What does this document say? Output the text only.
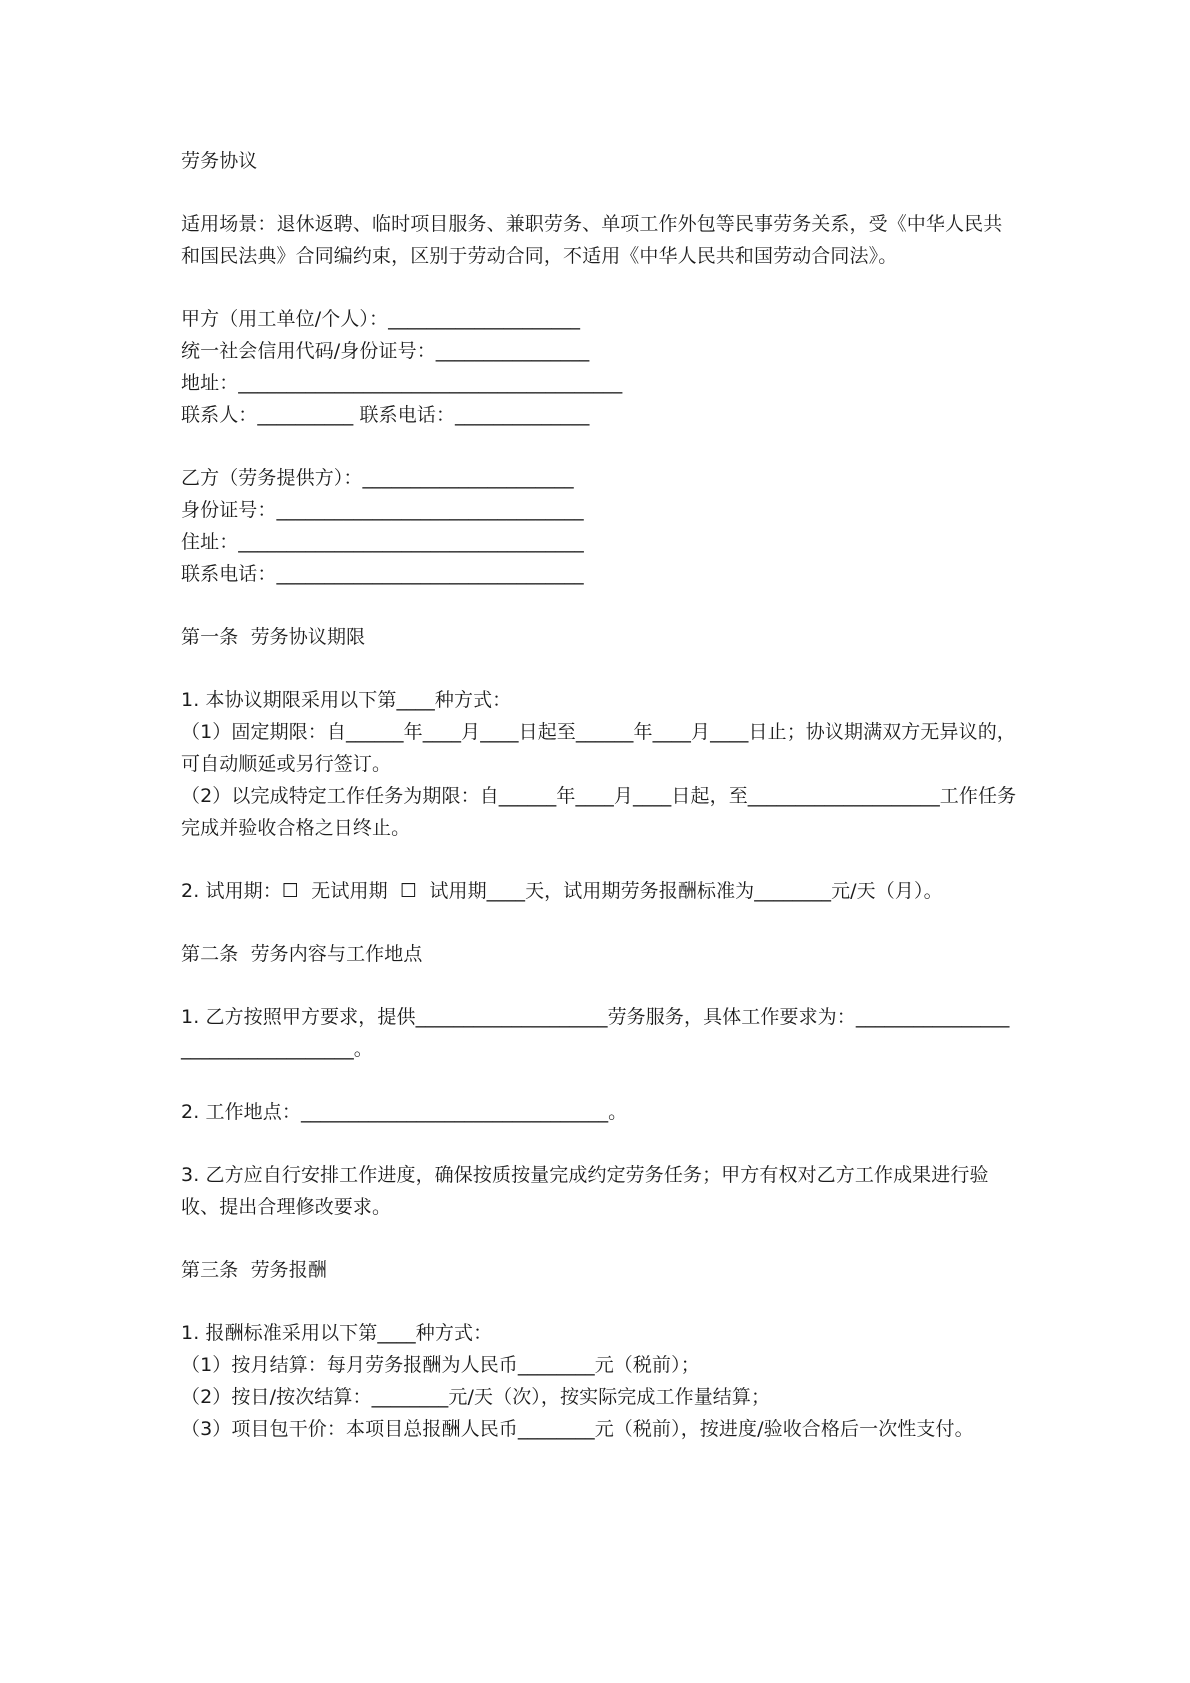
劳务协议

适用场景：退休返聘、临时项目服务、兼职劳务、单项工作外包等民事劳务关系，受《中华人民共和国民法典》合同编约束，区别于劳动合同，不适用《中华人民共和国劳动合同法》。

甲方（用工单位/个人）：____________________

统一社会信用代码/身份证号：________________

地址：________________________________________

联系人：__________ 联系电话：______________

乙方（劳务提供方）：______________________

身份证号：________________________________

住址：____________________________________

联系电话：________________________________

第一条  劳务协议期限

1. 本协议期限采用以下第____种方式：

（1）固定期限：自______年____月____日起至______年____月____日止；协议期满双方无异议的，可自动顺延或另行签订。

（2）以完成特定工作任务为期限：自______年____月____日起，至____________________工作任务完成并验收合格之日终止。

2. 试用期：☐  无试用期  ☐  试用期____天，试用期劳务报酬标准为________元/天（月）。

第二条  劳务内容与工作地点

1. 乙方按照甲方要求，提供____________________劳务服务，具体工作要求为：__________________________________。

2. 工作地点：________________________________。

3. 乙方应自行安排工作进度，确保按质按量完成约定劳务任务；甲方有权对乙方工作成果进行验收、提出合理修改要求。

第三条  劳务报酬

1. 报酬标准采用以下第____种方式：

（1）按月结算：每月劳务报酬为人民币________元（税前）；

（2）按日/按次结算：________元/天（次），按实际完成工作量结算；

（3）项目包干价：本项目总报酬人民币________元（税前），按进度/验收合格后一次性支付。
